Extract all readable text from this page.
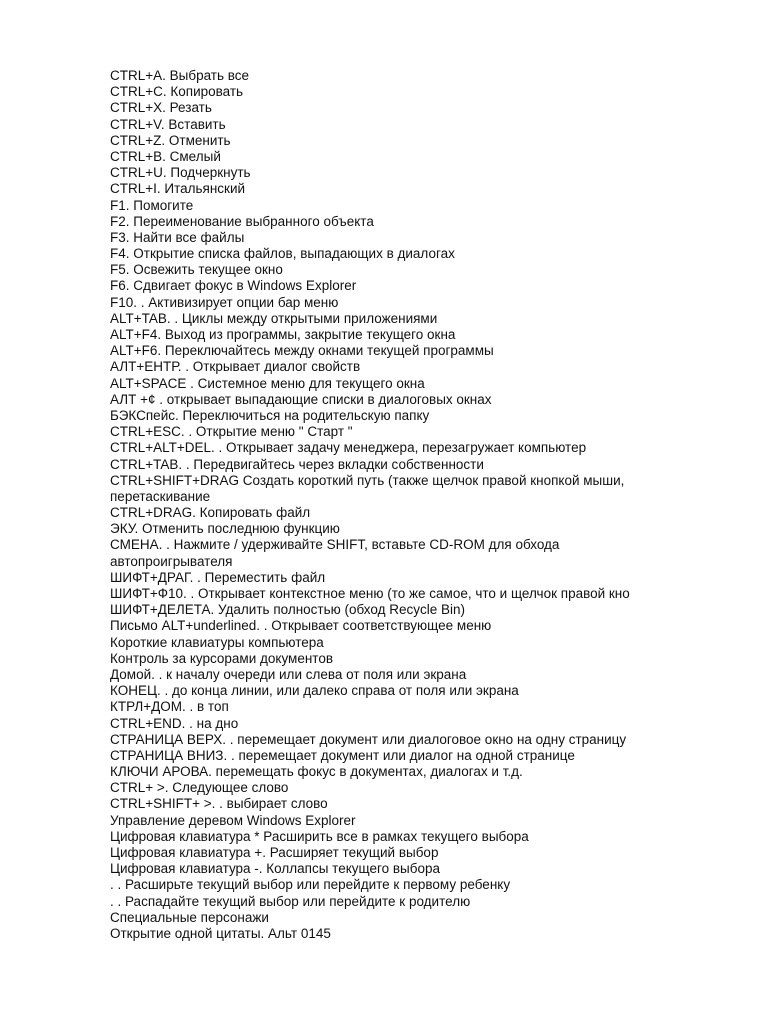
CTRL+A. Выбрать все
CTRL+C. Копировать
CTRL+X. Резать
CTRL+V. Вставить
CTRL+Z. Отменить
CTRL+B. Смелый
CTRL+U. Подчеркнуть
CTRL+I. Итальянский
F1. Помогите
F2. Переименование выбранного объекта
F3. Найти все файлы
F4. Открытие списка файлов, выпадающих в диалогах
F5. Освежить текущее окно
F6. Сдвигает фокус в Windows Explorer
F10. . Активизирует опции бар меню
ALT+TAB. . Циклы между открытыми приложениями
ALT+F4. Выход из программы, закрытие текущего окна
ALT+F6. Переключайтесь между окнами текущей программы
АЛТ+ЕНТР. . Открывает диалог свойств
ALT+SPACE . Системное меню для текущего окна
АЛТ +¢ . открывает выпадающие списки в диалоговых окнах
БЭКСпейс. Переключиться на родительскую папку
CTRL+ESC. . Открытие меню " Старт "
CTRL+ALT+DEL. . Открывает задачу менеджера, перезагружает компьютер
CTRL+TAB. . Передвигайтесь через вкладки собственности
CTRL+SHIFT+DRAG Создать короткий путь (также щелчок правой кнопкой мыши,
перетаскивание
CTRL+DRAG. Копировать файл
ЭКУ. Отменить последнюю функцию
СМЕНА. . Нажмите / удерживайте SHIFT, вставьте CD-ROM для обхода
автопроигрывателя
ШИФТ+ДРАГ. . Переместить файл
ШИФТ+Ф10. . Открывает контекстное меню (то же самое, что и щелчок правой кно
ШИФТ+ДЕЛЕТА. Удалить полностью (обход Recycle Bin)
Письмо ALT+underlined. . Открывает соответствующее меню
Короткие клавиатуры компьютера
Контроль за курсорами документов
Домой. . к началу очереди или слева от поля или экрана
КОНЕЦ. . до конца линии, или далеко справа от поля или экрана
КТРЛ+ДОМ. . в топ
CTRL+END. . на дно
СТРАНИЦА ВЕРХ. . перемещает документ или диалоговое окно на одну страницу
СТРАНИЦА ВНИЗ. . перемещает документ или диалог на одной странице
КЛЮЧИ АРОВА. перемещать фокус в документах, диалогах и т.д.
CTRL+ >. Следующее слово
CTRL+SHIFT+ >. . выбирает слово
Управление деревом Windows Explorer
Цифровая клавиатура * Расширить все в рамках текущего выбора
Цифровая клавиатура +. Расширяет текущий выбор
Цифровая клавиатура -. Коллапсы текущего выбора
. . Расширьте текущий выбор или перейдите к первому ребенку
. . Распадайте текущий выбор или перейдите к родителю
Специальные персонажи
Открытие одной цитаты. Альт 0145
